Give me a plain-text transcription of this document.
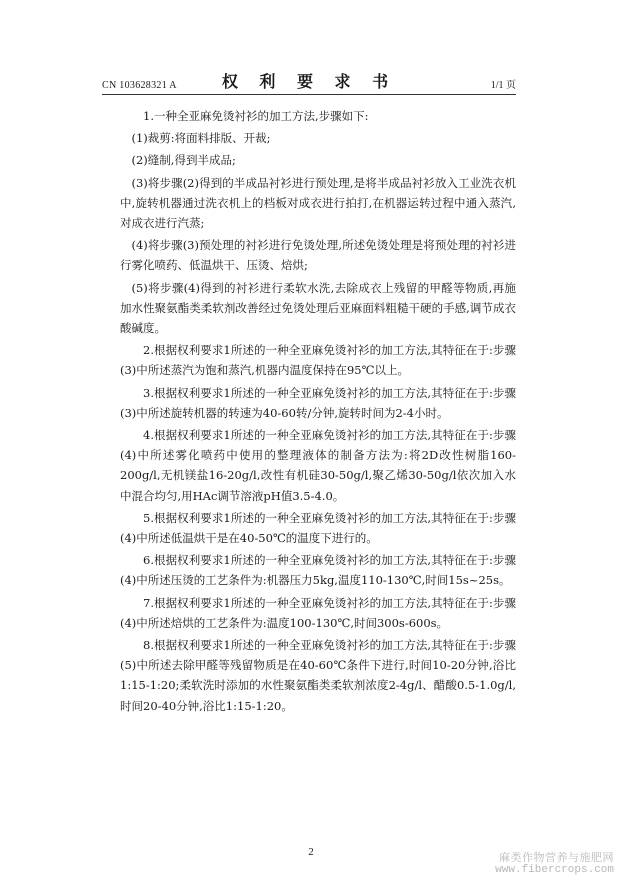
CN 103628321 A	权 利 要 求 书	1/1 页

1.一种全亚麻免烫衬衫的加工方法,步骤如下:

(1)裁剪:将面料排版、开裁;

(2)缝制,得到半成品;

(3)将步骤(2)得到的半成品衬衫进行预处理,是将半成品衬衫放入工业洗衣机中,旋转机器通过洗衣机上的档板对成衣进行拍打,在机器运转过程中通入蒸汽,对成衣进行汽蒸;

(4)将步骤(3)预处理的衬衫进行免烫处理,所述免烫处理是将预处理的衬衫进行雾化喷药、低温烘干、压烫、焙烘;

(5)将步骤(4)得到的衬衫进行柔软水洗,去除成衣上残留的甲醛等物质,再施加水性聚氨酯类柔软剂改善经过免烫处理后亚麻面料粗糙干硬的手感,调节成衣酸碱度。

2.根据权利要求1所述的一种全亚麻免烫衬衫的加工方法,其特征在于:步骤(3)中所述蒸汽为饱和蒸汽,机器内温度保持在95℃以上。

3.根据权利要求1所述的一种全亚麻免烫衬衫的加工方法,其特征在于:步骤(3)中所述旋转机器的转速为40-60转/分钟,旋转时间为2-4小时。

4.根据权利要求1所述的一种全亚麻免烫衬衫的加工方法,其特征在于:步骤(4)中所述雾化喷药中使用的整理液体的制备方法为:将2D改性树脂160-200g/l,无机镁盐16-20g/l,改性有机硅30-50g/l,聚乙烯30-50g/l依次加入水中混合均匀,用HAc调节溶液pH值3.5-4.0。

5.根据权利要求1所述的一种全亚麻免烫衬衫的加工方法,其特征在于:步骤(4)中所述低温烘干是在40-50℃的温度下进行的。

6.根据权利要求1所述的一种全亚麻免烫衬衫的加工方法,其特征在于:步骤(4)中所述压烫的工艺条件为:机器压力5kg,温度110-130℃,时间15s~25s。

7.根据权利要求1所述的一种全亚麻免烫衬衫的加工方法,其特征在于:步骤(4)中所述焙烘的工艺条件为:温度100-130℃,时间300s-600s。

8.根据权利要求1所述的一种全亚麻免烫衬衫的加工方法,其特征在于:步骤(5)中所述去除甲醛等残留物质是在40-60℃条件下进行,时间10-20分钟,浴比1:15-1:20;柔软洗时添加的水性聚氨酯类柔软剂浓度2-4g/l、醋酸0.5-1.0g/l,时间20-40分钟,浴比1:15-1:20。

2	麻类作物营养与施肥网
www.fibercrops.com
